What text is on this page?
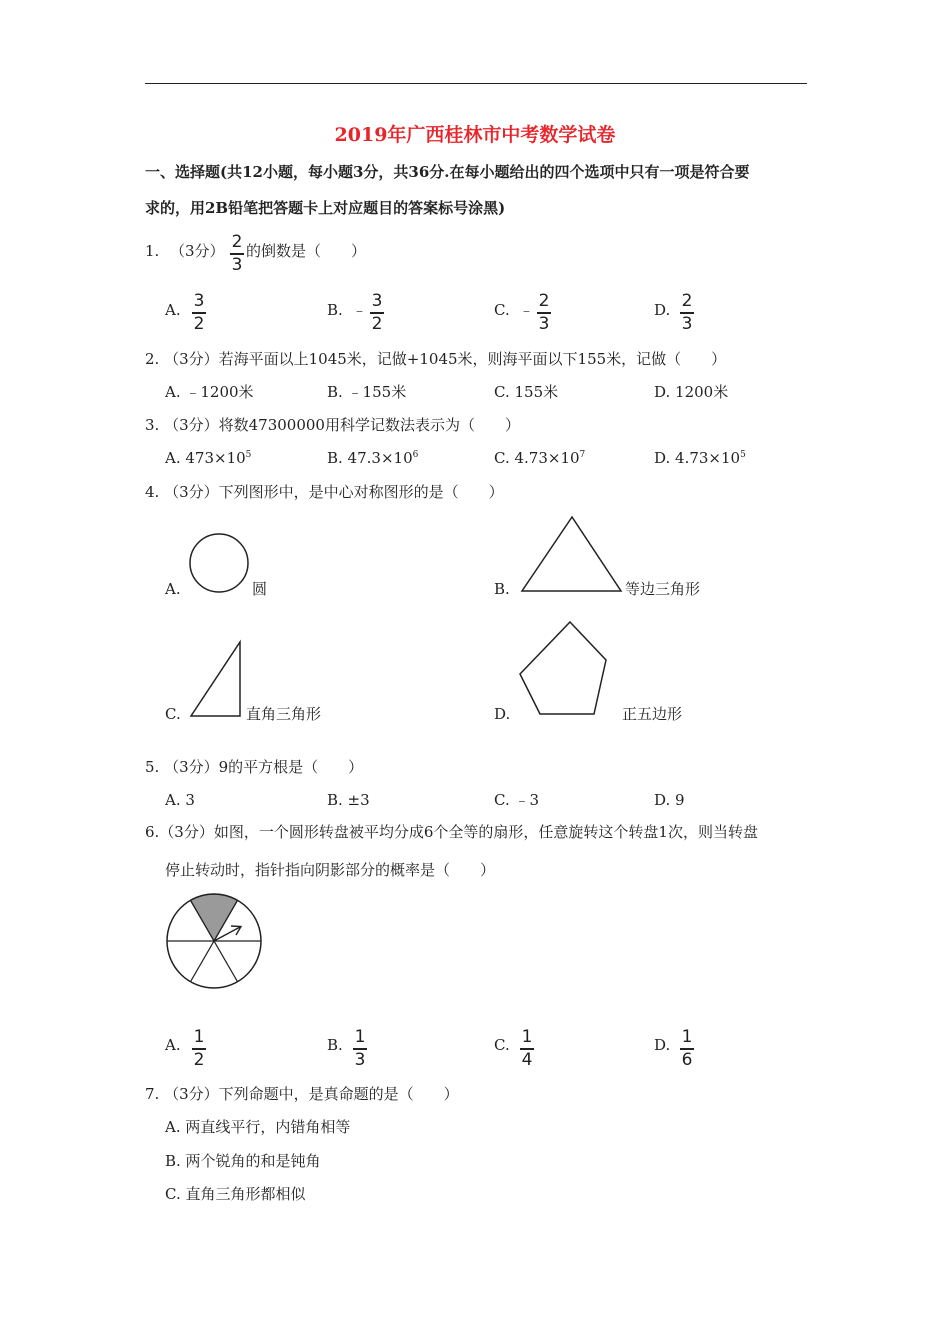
2019年广西桂林市中考数学试卷
一、选择题(共12小题，每小题3分，共36分.在每小题给出的四个选项中只有一项是符合要
求的，用2B铅笔把答题卡上对应题目的答案标号涂黑)
1. （3分） 2
3
的倒数是（　　）
A. 3
2
B. ﹣ 3
2
C. ﹣ 2
3
D. 2
3
2. （3分）若海平面以上1045米，记做+1045米，则海平面以下155米，记做（　　）
A. ﹣1200米	B. ﹣155米	C. 155米	D. 1200米
3. （3分）将数47300000用科学记数法表示为（　　）
A. $473\times 10^5$	B. $47.3\times 10^6$	C. $4.73\times 10^7$	D. $4.73\times 10^5$
4. （3分）下列图形中，是中心对称图形的是（　　）
A.	圆	B.	等边三角形
C.	直角三角形	D.	正五边形
5. （3分）9的平方根是（　　）
A. 3	B. ±3	C. ﹣3	D. 9
6.（3分）如图，一个圆形转盘被平均分成6个全等的扇形，任意旋转这个转盘1次，则当转盘
停止转动时，指针指向阴影部分的概率是（　　）
A. 1
2
B. 1
3
C. 1
4
D. 1
6
7. （3分）下列命题中，是真命题的是（　　）
A. 两直线平行，内错角相等
B. 两个锐角的和是钝角
C. 直角三角形都相似
